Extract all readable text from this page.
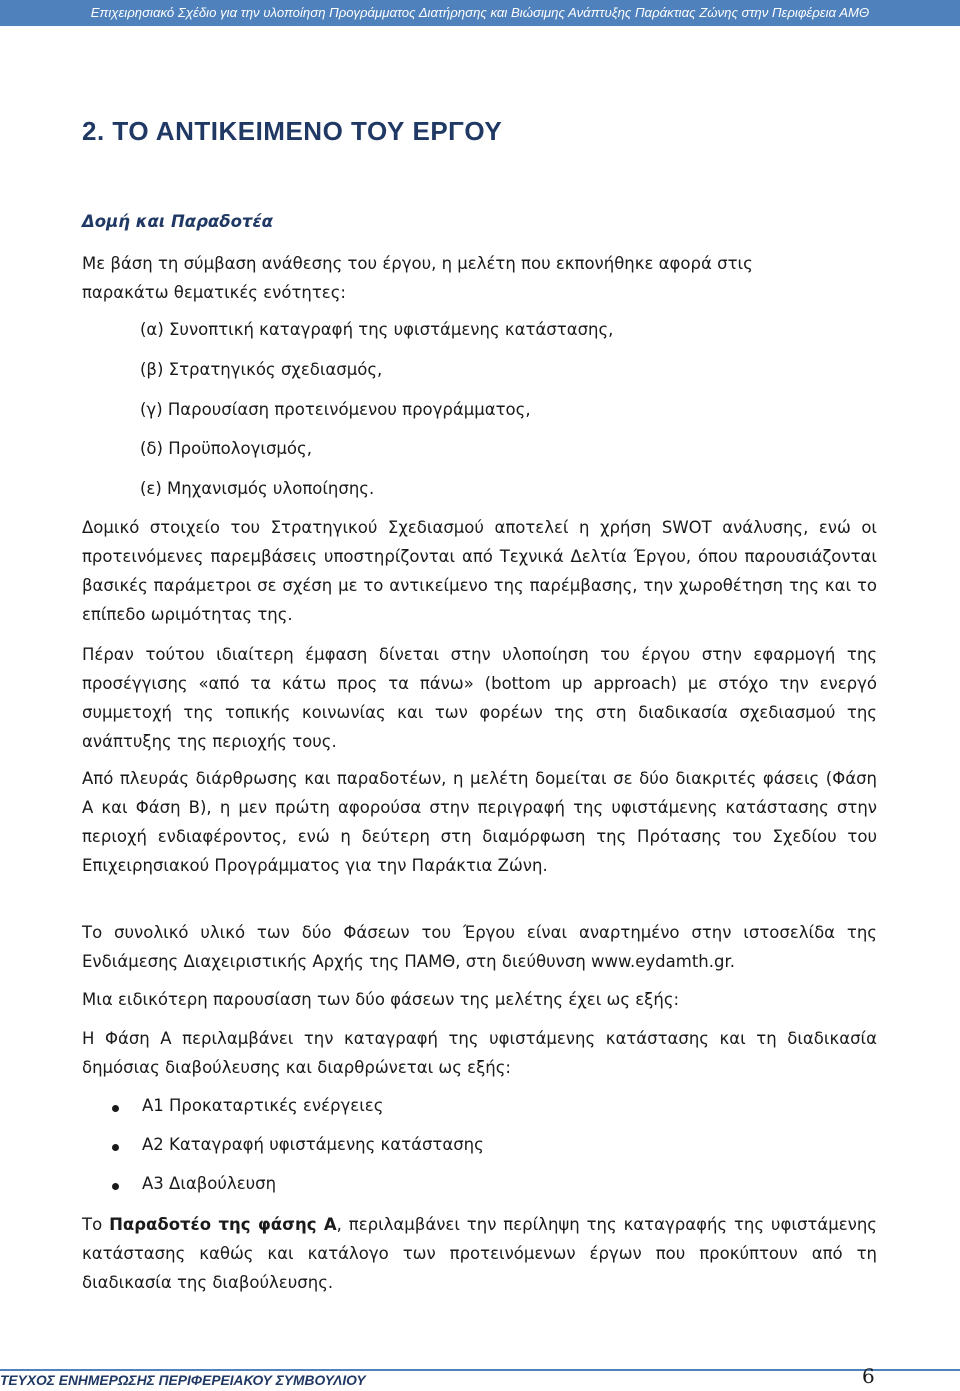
Επιχειρησιακό Σχέδιο για την υλοποίηση Προγράμματος Διατήρησης και Βιώσιμης Ανάπτυξης Παράκτιας Ζώνης στην Περιφέρεια ΑΜΘ
2. ΤΟ ΑΝΤΙΚΕΙΜΕΝΟ ΤΟΥ ΕΡΓΟΥ
Δομή και Παραδοτέα
Με βάση τη σύμβαση ανάθεσης του έργου, η μελέτη που εκπονήθηκε αφορά στις
παρακάτω θεματικές ενότητες:
(α) Συνοπτική καταγραφή της υφιστάμενης κατάστασης,
(β) Στρατηγικός σχεδιασμός,
(γ) Παρουσίαση προτεινόμενου προγράμματος,
(δ) Προϋπολογισμός,
(ε) Μηχανισμός υλοποίησης.

Δομικό στοιχείο του Στρατηγικού Σχεδιασμού αποτελεί η χρήση SWOT ανάλυσης, ενώ οι προτεινόμενες παρεμβάσεις υποστηρίζονται από Τεχνικά Δελτία Έργου, όπου παρουσιάζονται βασικές παράμετροι σε σχέση με το αντικείμενο της παρέμβασης, την χωροθέτηση της και το επίπεδο ωριμότητας της.

Πέραν τούτου ιδιαίτερη έμφαση δίνεται στην υλοποίηση του έργου στην εφαρμογή της προσέγγισης «από τα κάτω προς τα πάνω» (bottom up approach) με στόχο την ενεργό συμμετοχή της τοπικής κοινωνίας και των φορέων της στη διαδικασία σχεδιασμού της ανάπτυξης της περιοχής τους.

Από πλευράς διάρθρωσης και παραδοτέων, η μελέτη δομείται σε δύο διακριτές φάσεις (Φάση Α και Φάση Β), η μεν πρώτη αφορούσα στην περιγραφή της υφιστάμενης κατάστασης στην περιοχή ενδιαφέροντος, ενώ η δεύτερη στη διαμόρφωση της Πρότασης του Σχεδίου του Επιχειρησιακού Προγράμματος για την Παράκτια Ζώνη.

Το συνολικό υλικό των δύο Φάσεων του Έργου είναι αναρτημένο στην ιστοσελίδα της Ενδιάμεσης Διαχειριστικής Αρχής της ΠΑΜΘ, στη διεύθυνση www.eydamth.gr.

Μια ειδικότερη παρουσίαση των δύο φάσεων της μελέτης έχει ως εξής:

Η Φάση Α περιλαμβάνει την καταγραφή της υφιστάμενης κατάστασης και τη διαδικασία δημόσιας διαβούλευσης και διαρθρώνεται ως εξής:

Α1 Προκαταρτικές ενέργειες
Α2 Καταγραφή υφιστάμενης κατάστασης
Α3 Διαβούλευση

Το Παραδοτέο της φάσης Α, περιλαμβάνει την περίληψη της καταγραφής της υφιστάμενης κατάστασης καθώς και κατάλογο των προτεινόμενων έργων που προκύπτουν από τη διαδικασία της διαβούλευσης.

ΤΕΥΧΟΣ ΕΝΗΜΕΡΩΣΗΣ ΠΕΡΙΦΕΡΕΙΑΚΟΥ ΣΥΜΒΟΥΛΙΟΥ	6
